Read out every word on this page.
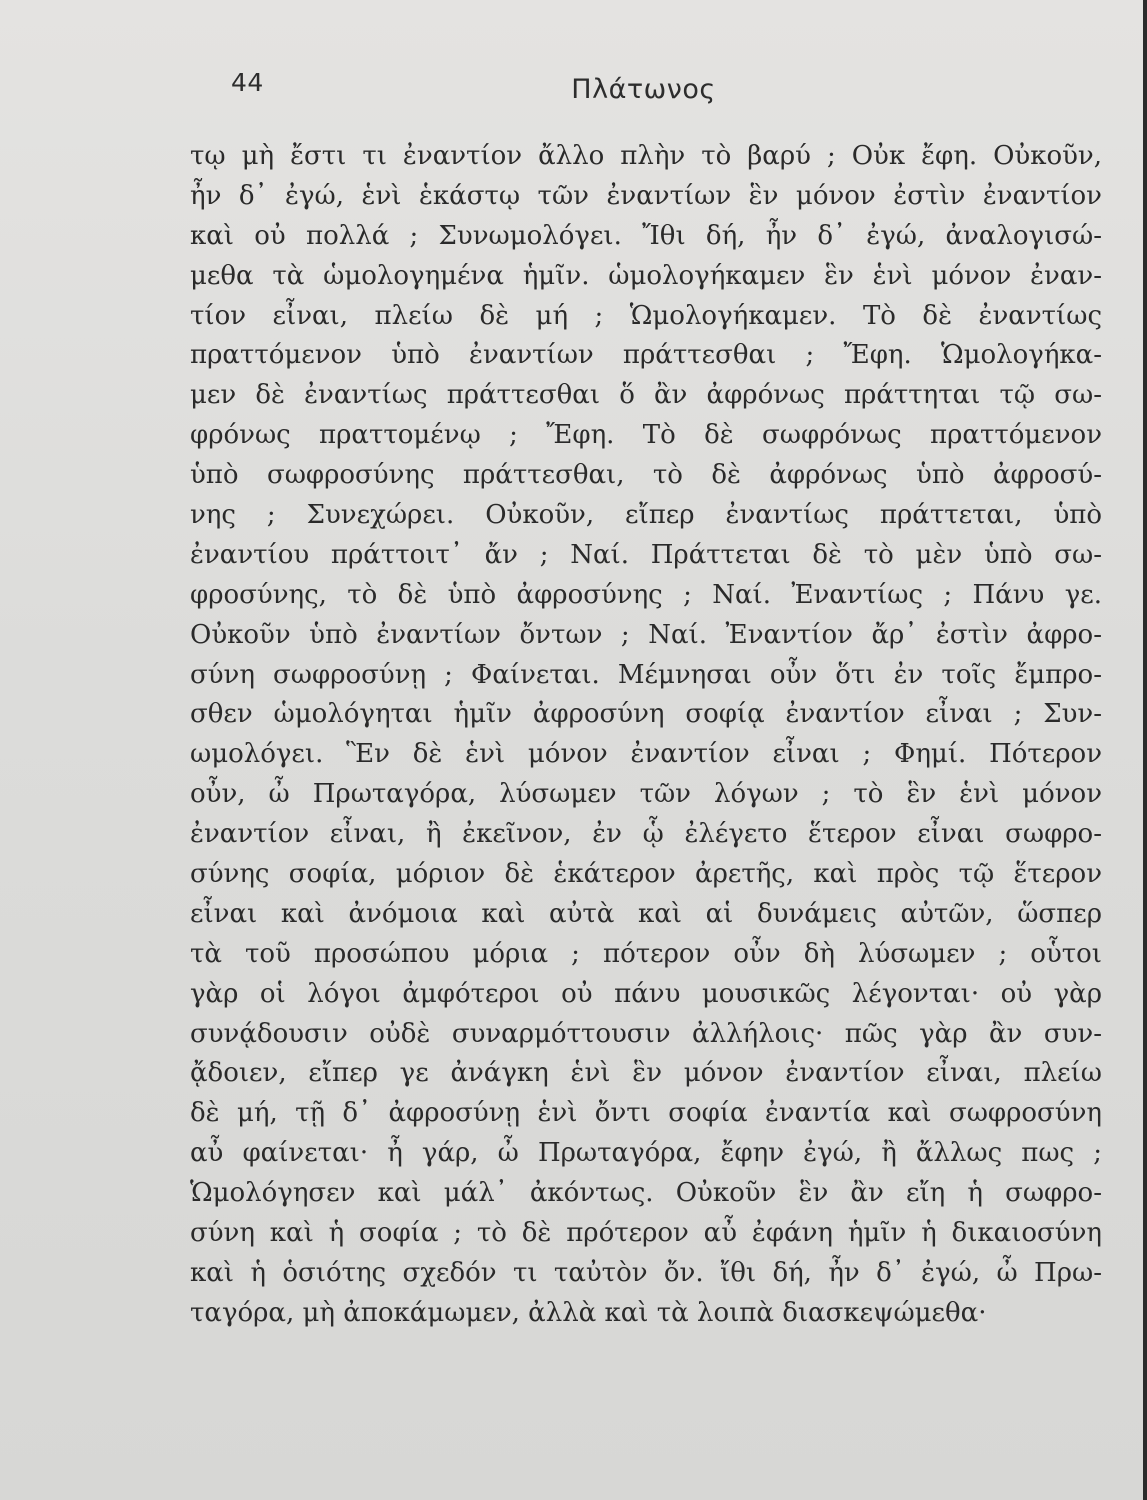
44	Πλάτωνος
τῳ μὴ ἔστι τι ἐναντίον ἄλλο πλὴν τὸ βαρύ ; Οὐκ ἔφη. Οὐκοῦν,
ἦν δ᾽ ἐγώ, ἑνὶ ἑκάστῳ τῶν ἐναντίων ἓν μόνον ἐστὶν ἐναντίον
καὶ οὐ πολλά ; Συνωμολόγει. Ἴθι δή, ἦν δ᾽ ἐγώ, ἀναλογισώ-
μεθα τὰ ὡμολογημένα ἡμῖν. ὡμολογήκαμεν ἓν ἑνὶ μόνον ἐναν-
τίον εἶναι, πλείω δὲ μή ; Ὡμολογήκαμεν. Τὸ δὲ ἐναντίως
πραττόμενον ὑπὸ ἐναντίων πράττεσθαι ; Ἔφη. Ὡμολογήκα-
μεν δὲ ἐναντίως πράττεσθαι ὅ ἂν ἀφρόνως πράττηται τῷ σω-
φρόνως πραττομένῳ ; Ἔφη. Τὸ δὲ σωφρόνως πραττόμενον
ὑπὸ σωφροσύνης πράττεσθαι, τὸ δὲ ἀφρόνως ὑπὸ ἀφροσύ-
νης ; Συνεχώρει. Οὐκοῦν, εἴπερ ἐναντίως πράττεται, ὑπὸ
ἐναντίου πράττοιτ᾽ ἄν ; Ναί. Πράττεται δὲ τὸ μὲν ὑπὸ σω-
φροσύνης, τὸ δὲ ὑπὸ ἀφροσύνης ; Ναί. Ἐναντίως ; Πάνυ γε.
Οὐκοῦν ὑπὸ ἐναντίων ὄντων ; Ναί. Ἐναντίον ἄρ᾽ ἐστὶν ἀφρο-
σύνη σωφροσύνῃ ; Φαίνεται. Μέμνησαι οὖν ὅτι ἐν τοῖς ἔμπρο-
σθεν ὡμολόγηται ἡμῖν ἀφροσύνη σοφίᾳ ἐναντίον εἶναι ; Συν-
ωμολόγει. Ἓν δὲ ἑνὶ μόνον ἐναντίον εἶναι ; Φημί. Πότερον
οὖν, ὦ Πρωταγόρα, λύσωμεν τῶν λόγων ; τὸ ἓν ἑνὶ μόνον
ἐναντίον εἶναι, ἢ ἐκεῖνον, ἐν ᾧ ἐλέγετο ἕτερον εἶναι σωφρο-
σύνης σοφία, μόριον δὲ ἑκάτερον ἀρετῆς, καὶ πρὸς τῷ ἕτερον
εἶναι καὶ ἀνόμοια καὶ αὐτὰ καὶ αἱ δυνάμεις αὐτῶν, ὥσπερ
τὰ τοῦ προσώπου μόρια ; πότερον οὖν δὴ λύσωμεν ; οὗτοι
γὰρ οἱ λόγοι ἀμφότεροι οὐ πάνυ μουσικῶς λέγονται· οὐ γὰρ
συνᾴδουσιν οὐδὲ συναρμόττουσιν ἀλλήλοις· πῶς γὰρ ἂν συν-
ᾄδοιεν, εἴπερ γε ἀνάγκη ἑνὶ ἓν μόνον ἐναντίον εἶναι, πλείω
δὲ μή, τῇ δ᾽ ἀφροσύνῃ ἑνὶ ὄντι σοφία ἐναντία καὶ σωφροσύνη
αὖ φαίνεται· ἦ γάρ, ὦ Πρωταγόρα, ἔφην ἐγώ, ἢ ἄλλως πως ;
Ὡμολόγησεν καὶ μάλ᾽ ἀκόντως. Οὐκοῦν ἓν ἂν εἴη ἡ σωφρο-
σύνη καὶ ἡ σοφία ; τὸ δὲ πρότερον αὖ ἐφάνη ἡμῖν ἡ δικαιοσύνη
καὶ ἡ ὁσιότης σχεδόν τι ταὐτὸν ὄν. ἴθι δή, ἦν δ᾽ ἐγώ, ὦ Πρω-
ταγόρα, μὴ ἀποκάμωμεν, ἀλλὰ καὶ τὰ λοιπὰ διασκεψώμεθα·
